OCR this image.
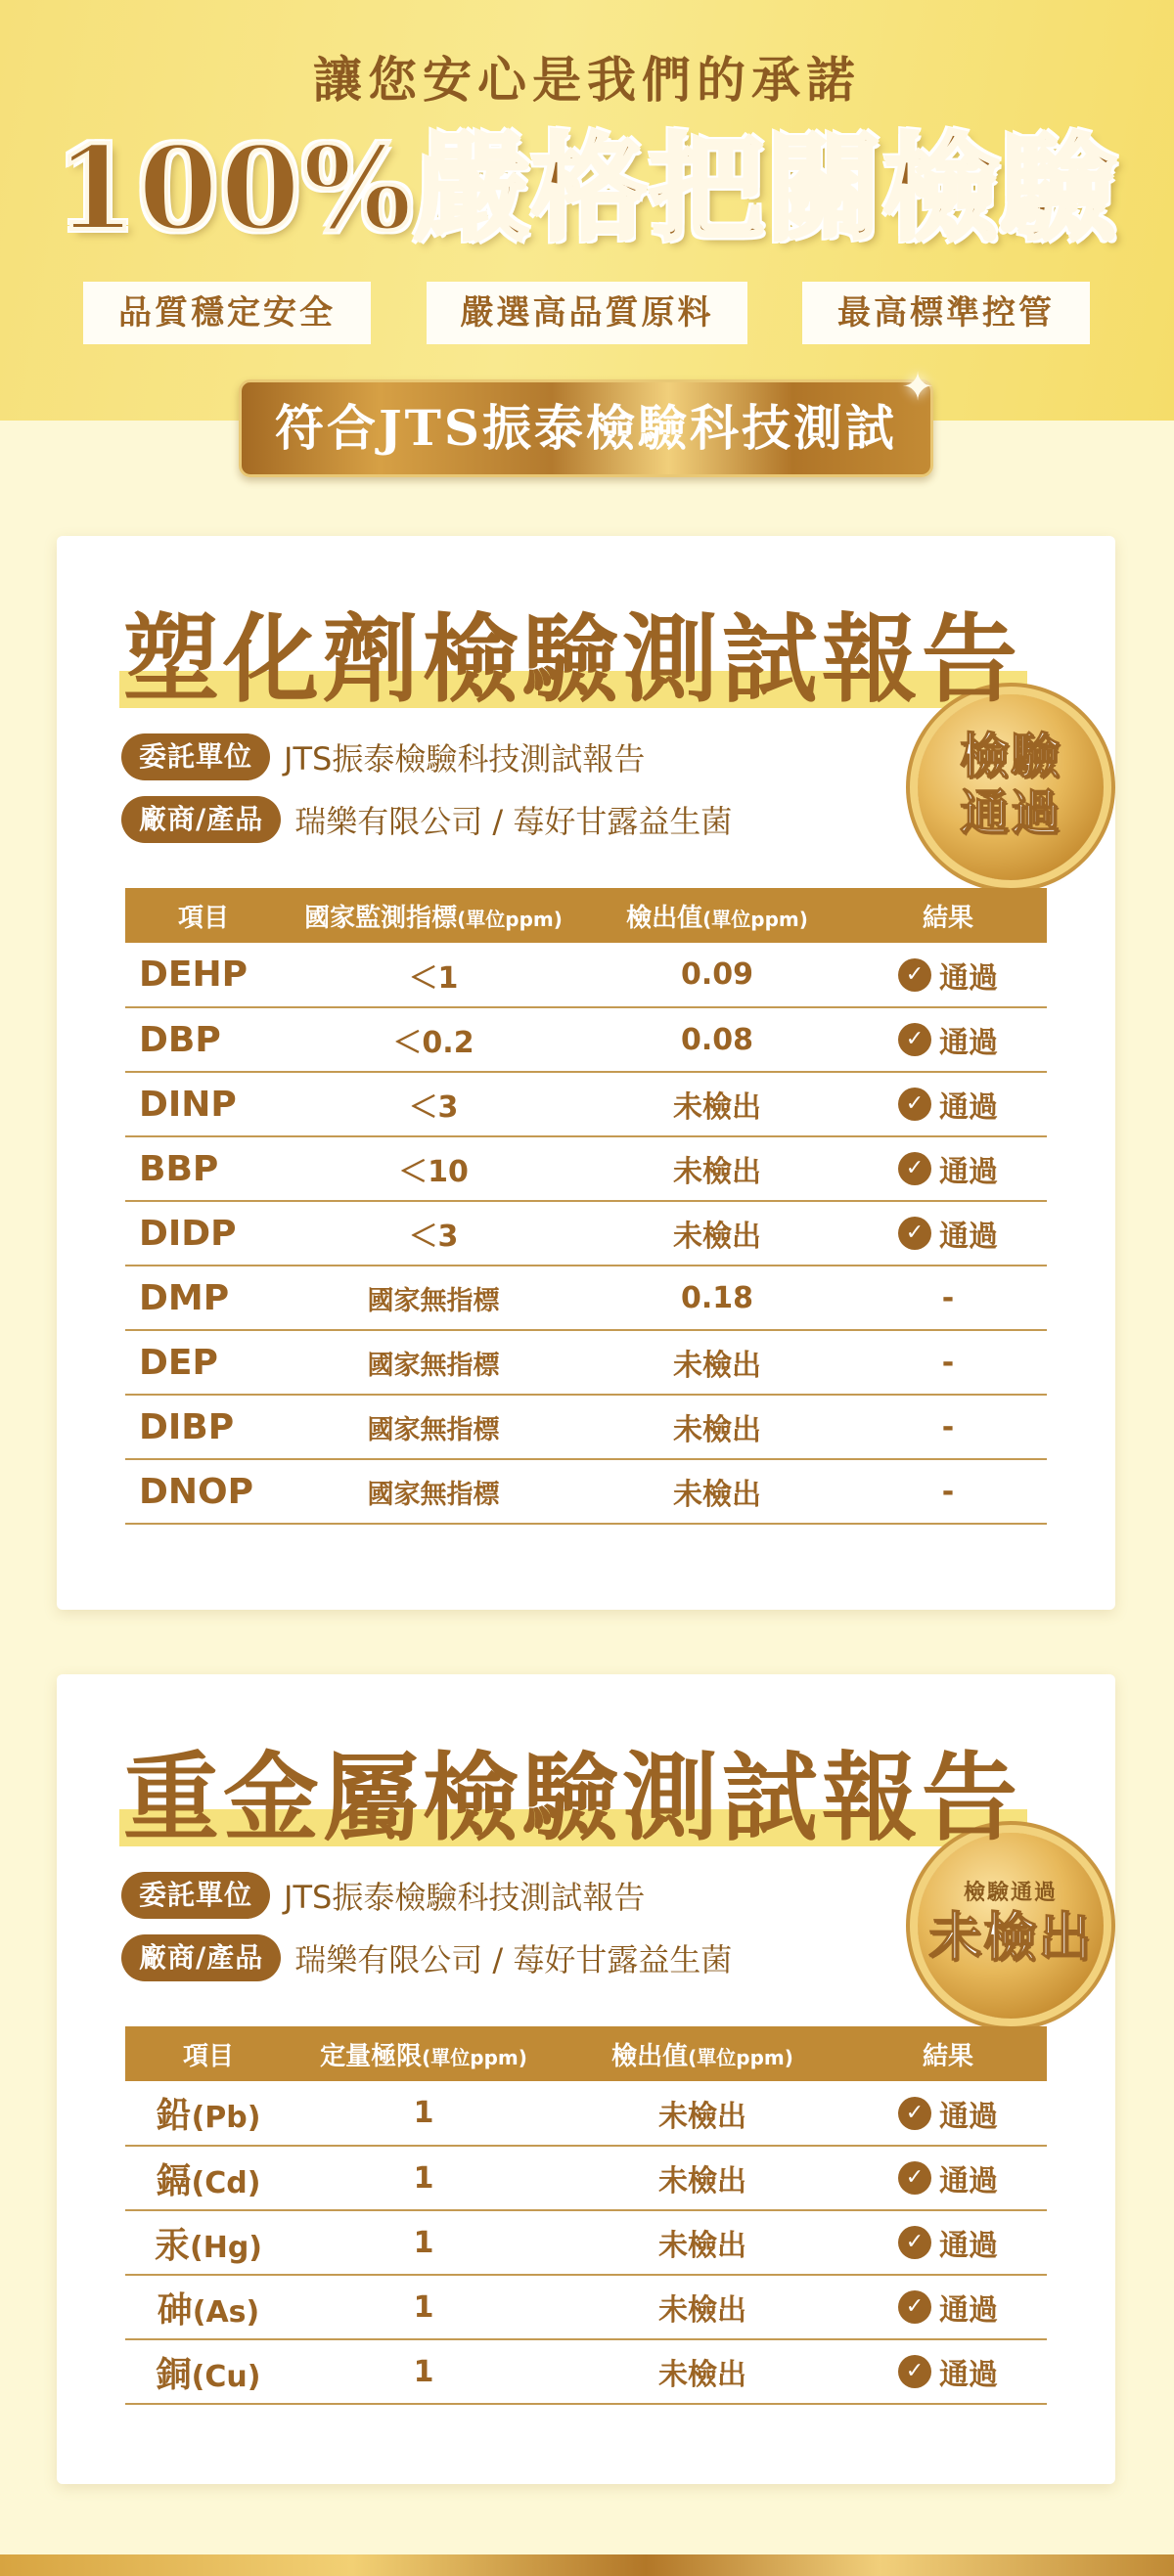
讓您安心是我們的承諾
100%嚴格把關檢驗
品質穩定安全	嚴選高品質原料	最高標準控管
符合JTS振泰檢驗科技測試
✦
塑化劑檢驗測試報告
委託單位	JTS振泰檢驗科技測試報告
廠商/產品	瑞樂有限公司 / 莓好甘露益生菌
檢驗
通過
項目	國家監測指標(單位ppm)	檢出值(單位ppm)	結果
DEHP	＜1	0.09	✓ 通過

DBP	＜0.2	0.08	✓ 通過

DINP	＜3	未檢出	✓ 通過

BBP	＜10	未檢出	✓ 通過

DIDP	＜3	未檢出	✓ 通過

DMP	國家無指標	0.18	-
DEP	國家無指標	未檢出	-
DIBP	國家無指標	未檢出	-
DNOP	國家無指標	未檢出	-
重金屬檢驗測試報告
委託單位	JTS振泰檢驗科技測試報告
廠商/產品	瑞樂有限公司 / 莓好甘露益生菌
檢驗通過
未檢出
項目	定量極限(單位ppm)	檢出值(單位ppm)	結果
鉛(Pb)	1	未檢出	✓ 通過

鎘(Cd)	1	未檢出	✓ 通過

汞(Hg)	1	未檢出	✓ 通過

砷(As)	1	未檢出	✓ 通過

銅(Cu)	1	未檢出	✓ 通過
